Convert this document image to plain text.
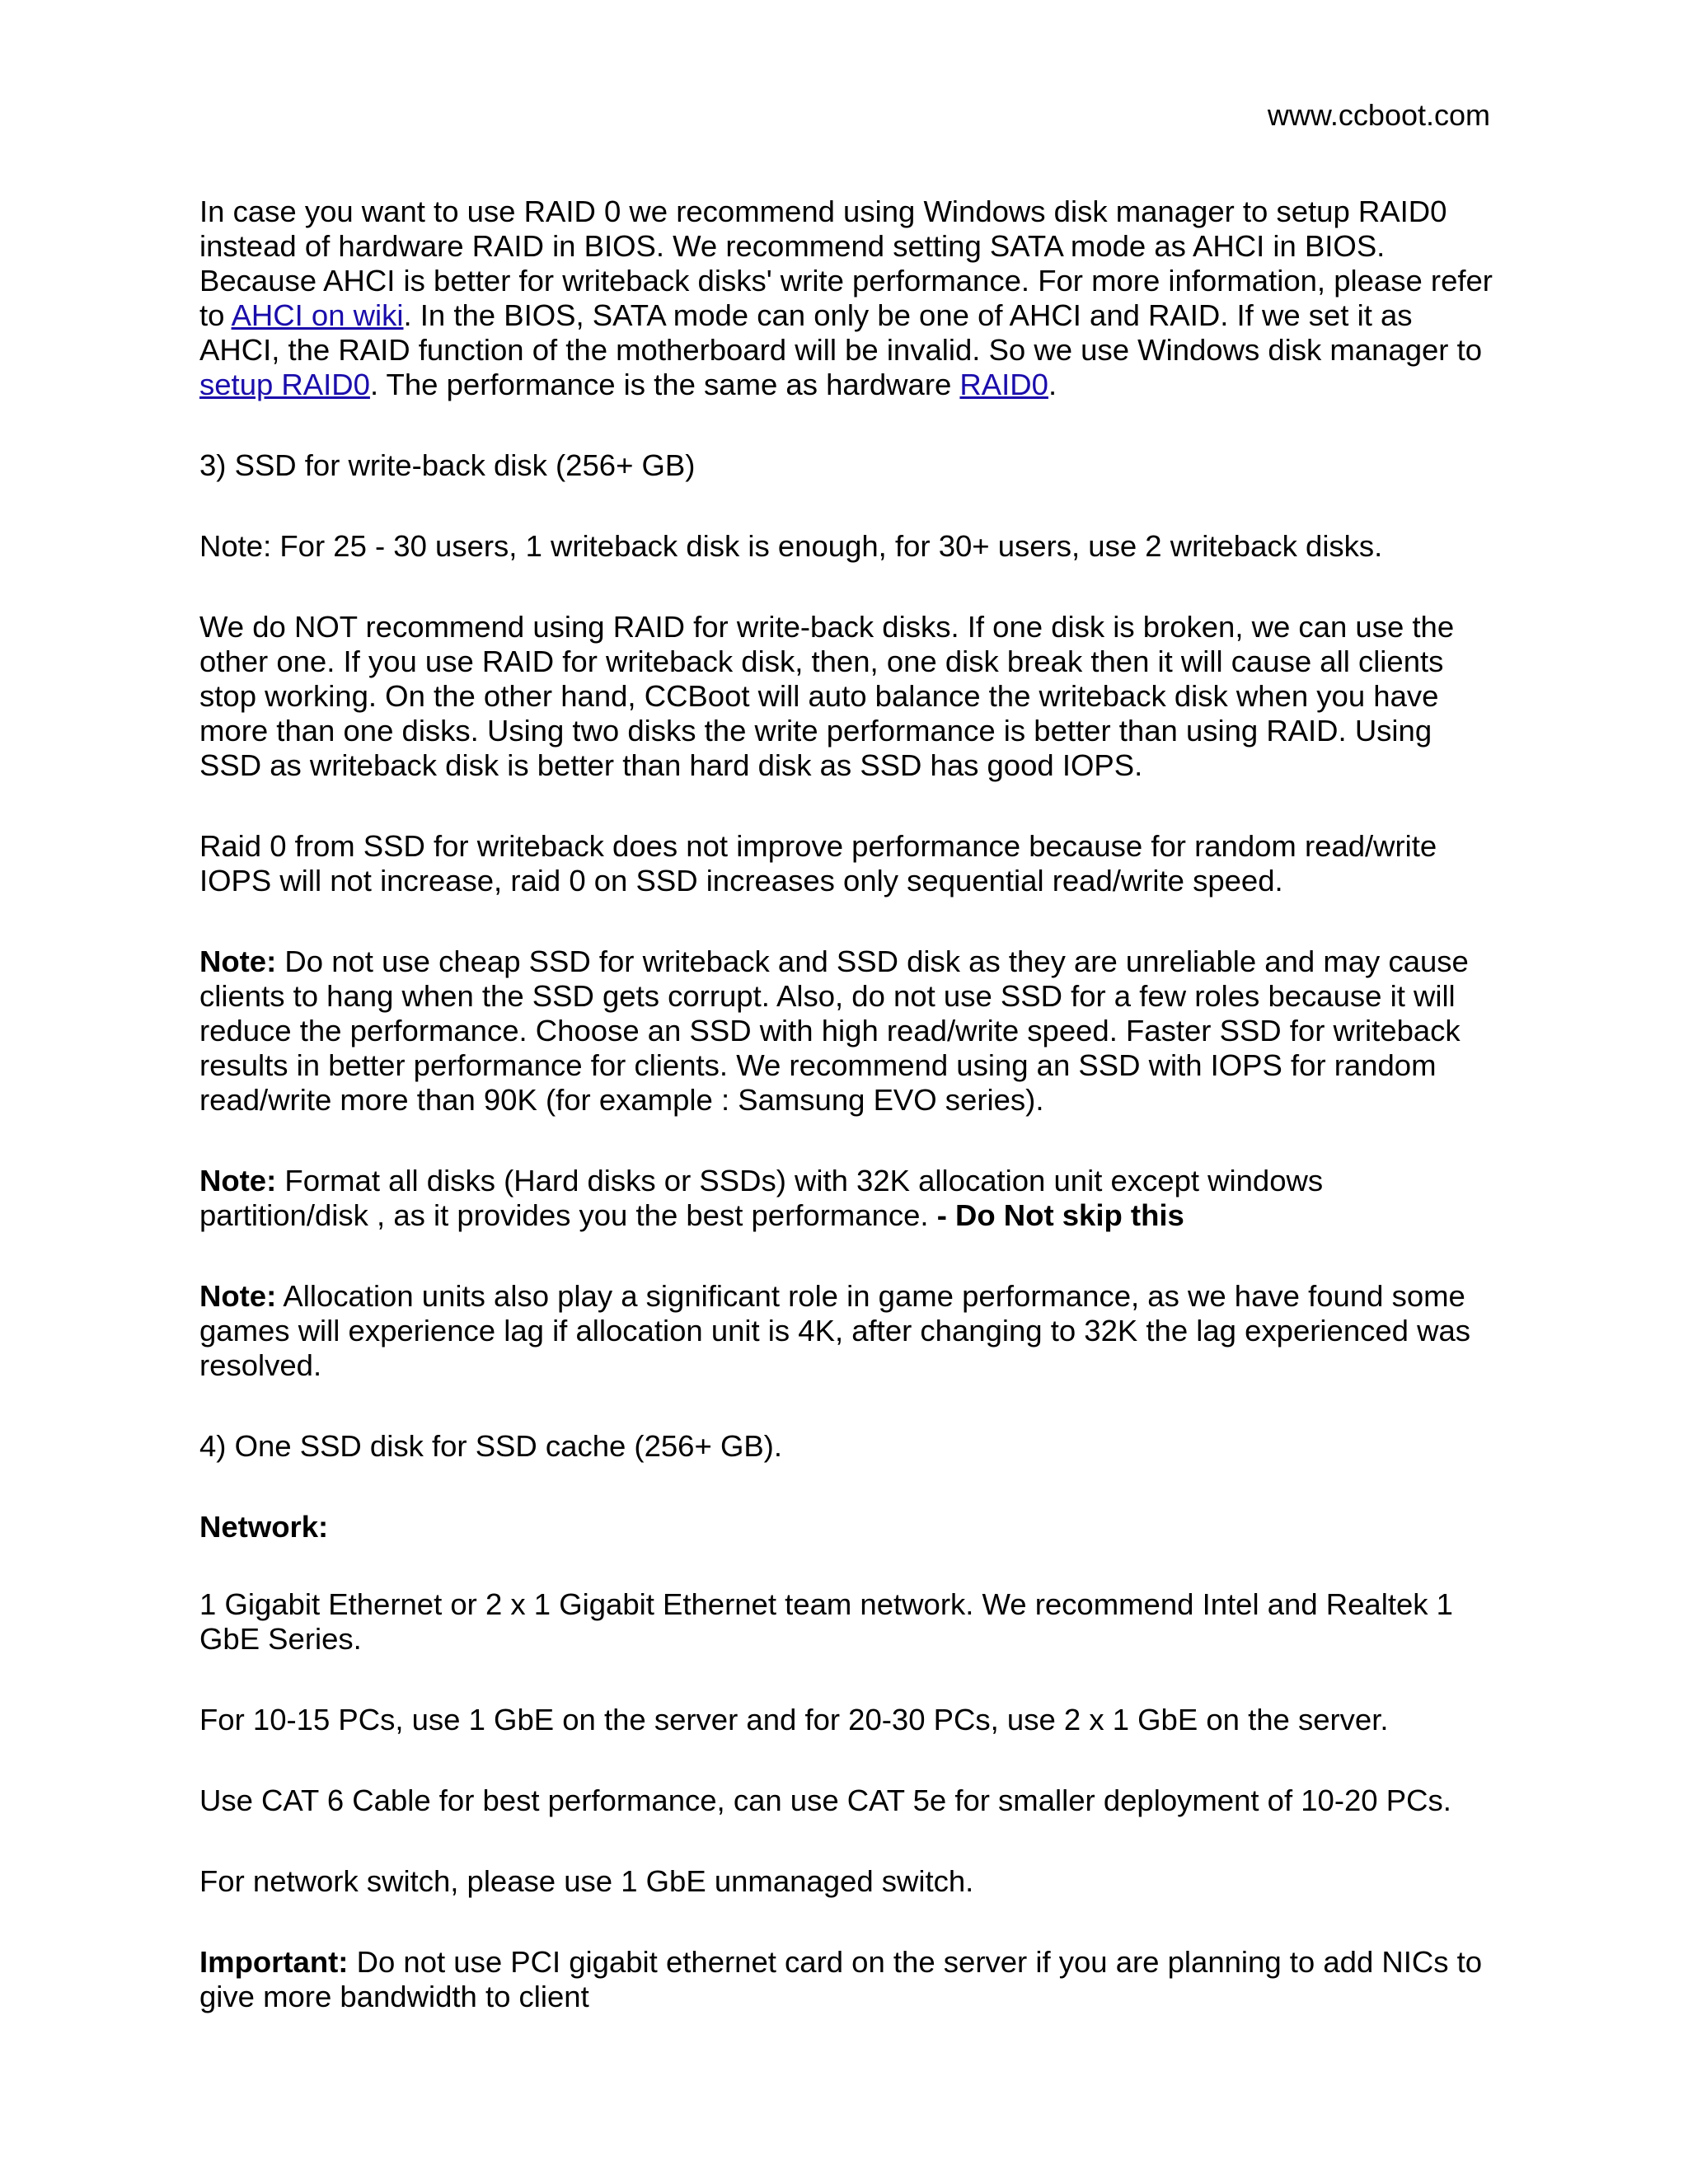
www.ccboot.com

In case you want to use RAID 0 we recommend using Windows disk manager to setup RAID0 instead of hardware RAID in BIOS. We recommend setting SATA mode as AHCI in BIOS. Because AHCI is better for writeback disks' write performance. For more information, please refer to AHCI on wiki. In the BIOS, SATA mode can only be one of AHCI and RAID. If we set it as AHCI, the RAID function of the motherboard will be invalid. So we use Windows disk manager to setup RAID0. The performance is the same as hardware RAID0.

3) SSD for write-back disk (256+ GB)

Note: For 25 - 30 users, 1 writeback disk is enough, for 30+ users, use 2 writeback disks.

We do NOT recommend using RAID for write-back disks. If one disk is broken, we can use the other one. If you use RAID for writeback disk, then, one disk break then it will cause all clients stop working. On the other hand, CCBoot will auto balance the writeback disk when you have more than one disks. Using two disks the write performance is better than using RAID. Using SSD as writeback disk is better than hard disk as SSD has good IOPS.

Raid 0 from SSD for writeback does not improve performance because for random read/write IOPS will not increase, raid 0 on SSD increases only sequential read/write speed.

Note: Do not use cheap SSD for writeback and SSD disk as they are unreliable and may cause clients to hang when the SSD gets corrupt. Also, do not use SSD for a few roles because it will reduce the performance. Choose an SSD with high read/write speed. Faster SSD for writeback results in better performance for clients. We recommend using an SSD with IOPS for random read/write more than 90K (for example : Samsung EVO series).

Note: Format all disks (Hard disks or SSDs) with 32K allocation unit except windows partition/disk , as it provides you the best performance. - Do Not skip this

Note: Allocation units also play a significant role in game performance, as we have found some games will experience lag if allocation unit is 4K, after changing to 32K the lag experienced was resolved.

4) One SSD disk for SSD cache (256+ GB).

Network:

1 Gigabit Ethernet or 2 x 1 Gigabit Ethernet team network. We recommend Intel and Realtek 1 GbE Series.

For 10-15 PCs, use 1 GbE on the server and for 20-30 PCs, use 2 x 1 GbE on the server.

Use CAT 6 Cable for best performance, can use CAT 5e for smaller deployment of 10-20 PCs.

For network switch, please use 1 GbE unmanaged switch.

Important: Do not use PCI gigabit ethernet card on the server if you are planning to add NICs to give more bandwidth to client
